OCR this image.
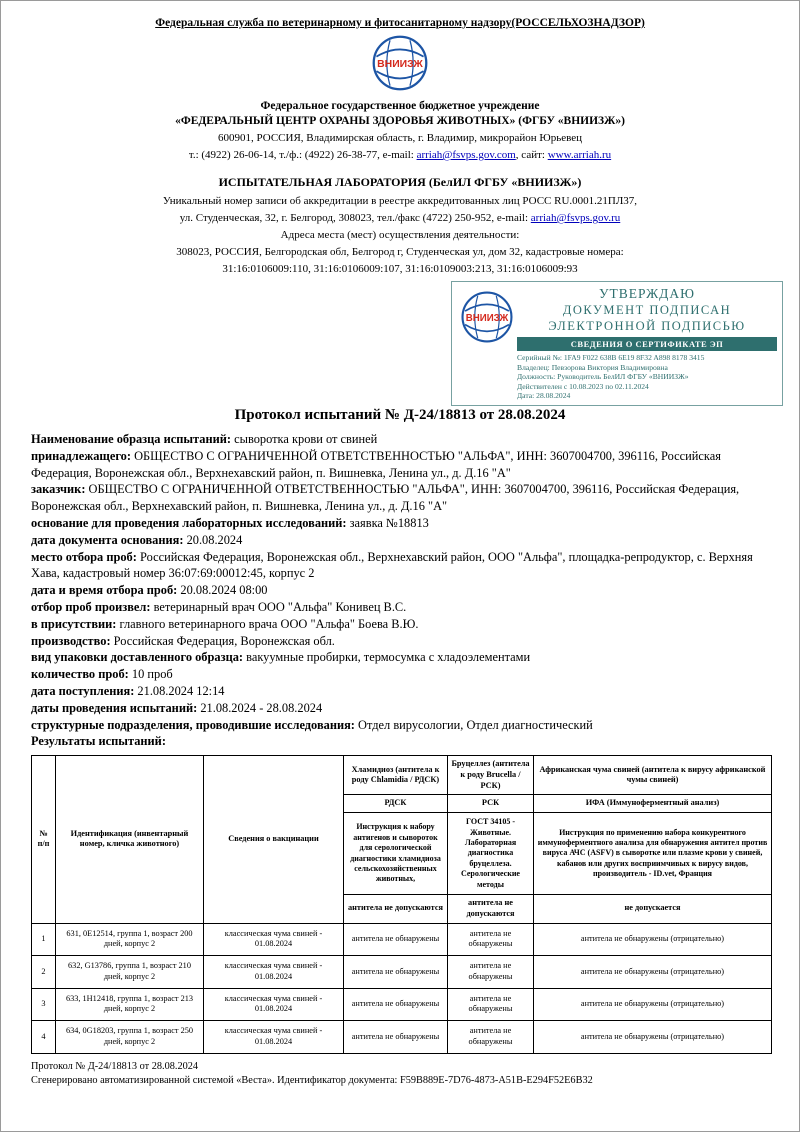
Федеральная служба по ветеринарному и фитосанитарному надзору(РОССЕЛЬХОЗНАДЗОР)
ВНИИЗЖ
Федеральное государственное бюджетное учреждение
«ФЕДЕРАЛЬНЫЙ ЦЕНТР ОХРАНЫ ЗДОРОВЬЯ ЖИВОТНЫХ» (ФГБУ «ВНИИЗЖ»)
600901, РОССИЯ, Владимирская область, г. Владимир, микрорайон Юрьевец
т.: (4922) 26-06-14, т./ф.: (4922) 26-38-77, e-mail: arriah@fsvps.gov.com, сайт: www.arriah.ru
ИСПЫТАТЕЛЬНАЯ ЛАБОРАТОРИЯ (БелИЛ ФГБУ «ВНИИЗЖ»)
Уникальный номер записи об аккредитации в реестре аккредитованных лиц РОСС RU.0001.21ПЛ37,
ул. Студенческая, 32, г. Белгород, 308023, тел./факс (4722) 250-952, e-mail: arriah@fsvps.gov.ru
Адреса места (мест) осуществления деятельности:
308023, РОССИЯ, Белгородская обл, Белгород г, Студенческая ул, дом 32, кадастровые номера:
31:16:0106009:110, 31:16:0106009:107, 31:16:0109003:213, 31:16:0106009:93
ВНИИЗЖ
УТВЕРЖДАЮ
ДОКУМЕНТ ПОДПИСАН
ЭЛЕКТРОННОЙ ПОДПИСЬЮ
СВЕДЕНИЯ О СЕРТИФИКАТЕ ЭП
Серийный №: 1FA9 F022 638B 6E19 8F32 A898 8178 3415
Владелец: Певзорова Виктория Владимировна
Должность: Руководитель БелИЛ ФГБУ «ВНИИЗЖ»
Действителен с 10.08.2023 по 02.11.2024
Дата: 28.08.2024
Протокол испытаний № Д-24/18813 от 28.08.2024
Наименование образца испытаний: сыворотка крови от свиней
принадлежащего: ОБЩЕСТВО С ОГРАНИЧЕННОЙ ОТВЕТСТВЕННОСТЬЮ "АЛЬФА", ИНН: 3607004700, 396116, Российская Федерация, Воронежская обл., Верхнехавский район, п. Вишневка, Ленина ул., д. Д.16 "А"
заказчик: ОБЩЕСТВО С ОГРАНИЧЕННОЙ ОТВЕТСТВЕННОСТЬЮ "АЛЬФА", ИНН: 3607004700, 396116, Российская Федерация, Воронежская обл., Верхнехавский район, п. Вишневка, Ленина ул., д. Д.16 "А"
основание для проведения лабораторных исследований: заявка №18813
дата документа основания: 20.08.2024
место отбора проб: Российская Федерация, Воронежская обл., Верхнехавский район, ООО "Альфа", площадка-репродуктор, с. Верхняя Хава, кадастровый номер 36:07:69:00012:45, корпус 2
дата и время отбора проб: 20.08.2024 08:00
отбор проб произвел: ветеринарный врач ООО "Альфа" Конивец В.С.
в присутствии: главного ветеринарного врача ООО "Альфа" Боева В.Ю.
производство: Российская Федерация, Воронежская обл.
вид упаковки доставленного образца: вакуумные пробирки, термосумка с хладоэлементами
количество проб: 10 проб
дата поступления: 21.08.2024 12:14
даты проведения испытаний: 21.08.2024 - 28.08.2024
структурные подразделения, проводившие исследования: Отдел вирусологии, Отдел диагностический
Результаты испытаний:
№ п/п	Идентификация (инвентарный номер, кличка животного)	Сведения о вакцинации	Хламидиоз (антитела к роду Chlamidia / РДСК)	Бруцеллез (антитела к роду Brucella / РСК)	Африканская чума свиней (антитела к вирусу африканской чумы свиней)
			РДСК	РСК	ИФА (Иммуноферментный анализ)
			Инструкция к набору антигенов и сывороток для серологической диагностики хламидиоза сельскохозяйственных животных,	ГОСТ 34105 - Животные. Лабораторная диагностика бруцеллеза. Серологические методы	Инструкция по применению набора конкурентного иммуноферментного анализа для обнаружения антител против вируса АЧС (ASFV) в сыворотке или плазме крови у свиней, кабанов или других восприимчивых к вирусу видов, производитель - ID.vet, Франция
			антитела не допускаются	антитела не допускаются	не допускается
1	631, 0Е12514, группа 1, возраст 200 дней, корпус 2	классическая чума свиней - 01.08.2024	антитела не обнаружены	антитела не обнаружены	антитела не обнаружены (отрицательно)
2	632, G13786, группа 1, возраст 210 дней, корпус 2	классическая чума свиней - 01.08.2024	антитела не обнаружены	антитела не обнаружены	антитела не обнаружены (отрицательно)
3	633, 1Н12418, группа 1, возраст 213 дней, корпус 2	классическая чума свиней - 01.08.2024	антитела не обнаружены	антитела не обнаружены	антитела не обнаружены (отрицательно)
4	634, 0G18203, группа 1, возраст 250 дней, корпус 2	классическая чума свиней - 01.08.2024	антитела не обнаружены	антитела не обнаружены	антитела не обнаружены (отрицательно)
Протокол № Д-24/18813 от 28.08.2024
Сгенерировано автоматизированной системой «Веста». Идентификатор документа: F59B889E-7D76-4873-A51B-E294F52E6B32
